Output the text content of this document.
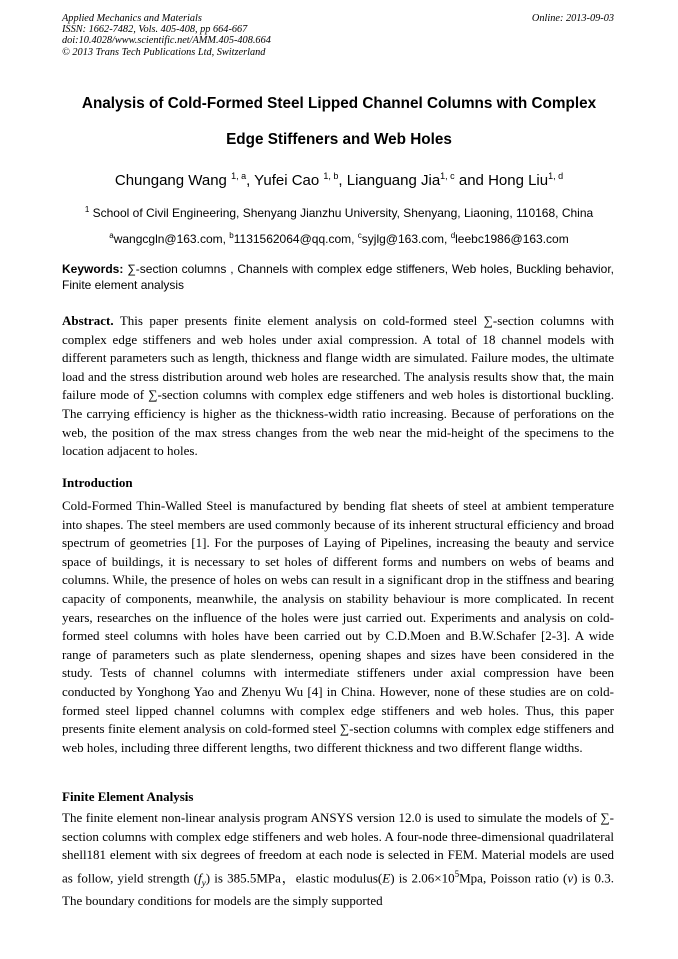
Applied Mechanics and Materials
ISSN: 1662-7482, Vols. 405-408, pp 664-667
doi:10.4028/www.scientific.net/AMM.405-408.664
© 2013 Trans Tech Publications Ltd, Switzerland
Online: 2013-09-03
Analysis of Cold-Formed Steel Lipped Channel Columns with Complex
Edge Stiffeners and Web Holes
Chungang Wang $^{1, a}$, Yufei Cao $^{1, b}$, Lianguang Jia$^{1, c}$ and Hong Liu$^{1, d}$
$^1$ School of Civil Engineering, Shenyang Jianzhu University, Shenyang, Liaoning, 110168, China
$^a$wangcgln@163.com, $^b$1131562064@qq.com, $^c$syjlg@163.com, $^d$leebc1986@163.com
Keywords: ∑-section columns , Channels with complex edge stiffeners, Web holes, Buckling behavior, Finite element analysis
Abstract. This paper presents finite element analysis on cold-formed steel ∑-section columns with complex edge stiffeners and web holes under axial compression. A total of 18 channel models with different parameters such as length, thickness and flange width are simulated. Failure modes, the ultimate load and the stress distribution around web holes are researched. The analysis results show that, the main failure mode of ∑-section columns with complex edge stiffeners and web holes is distortional buckling. The carrying efficiency is higher as the thickness-width ratio increasing. Because of perforations on the web, the position of the max stress changes from the web near the mid-height of the specimens to the location adjacent to holes.
Introduction
Cold-Formed Thin-Walled Steel is manufactured by bending flat sheets of steel at ambient temperature into shapes. The steel members are used commonly because of its inherent structural efficiency and broad spectrum of geometries [1]. For the purposes of Laying of Pipelines, increasing the beauty and service space of buildings, it is necessary to set holes of different forms and numbers on webs of beams and columns. While, the presence of holes on webs can result in a significant drop in the stiffness and bearing capacity of components, meanwhile, the analysis on stability behaviour is more complicated. In recent years, researches on the influence of the holes were just carried out. Experiments and analysis on cold-formed steel columns with holes have been carried out by C.D.Moen and B.W.Schafer [2-3]. A wide range of parameters such as plate slenderness, opening shapes and sizes have been considered in the study. Tests of channel columns with intermediate stiffeners under axial compression have been conducted by Yonghong Yao and Zhenyu Wu [4] in China. However, none of these studies are on cold-formed steel lipped channel columns with complex edge stiffeners and web holes. Thus, this paper presents finite element analysis on cold-formed steel ∑-section columns with complex edge stiffeners and web holes, including three different lengths, two different thickness and two different flange widths.
Finite Element Analysis
The finite element non-linear analysis program ANSYS version 12.0 is used to simulate the models of ∑-section columns with complex edge stiffeners and web holes. A four-node three-dimensional quadrilateral shell181 element with six degrees of freedom at each node is selected in FEM. Material models are used as follow, yield strength $(f_y)$ is 385.5MPa，elastic modulus(E) is $2.06\times 10^5Mpa$, Poisson ratio (v) is 0.3. The boundary conditions for models are the simply supported
